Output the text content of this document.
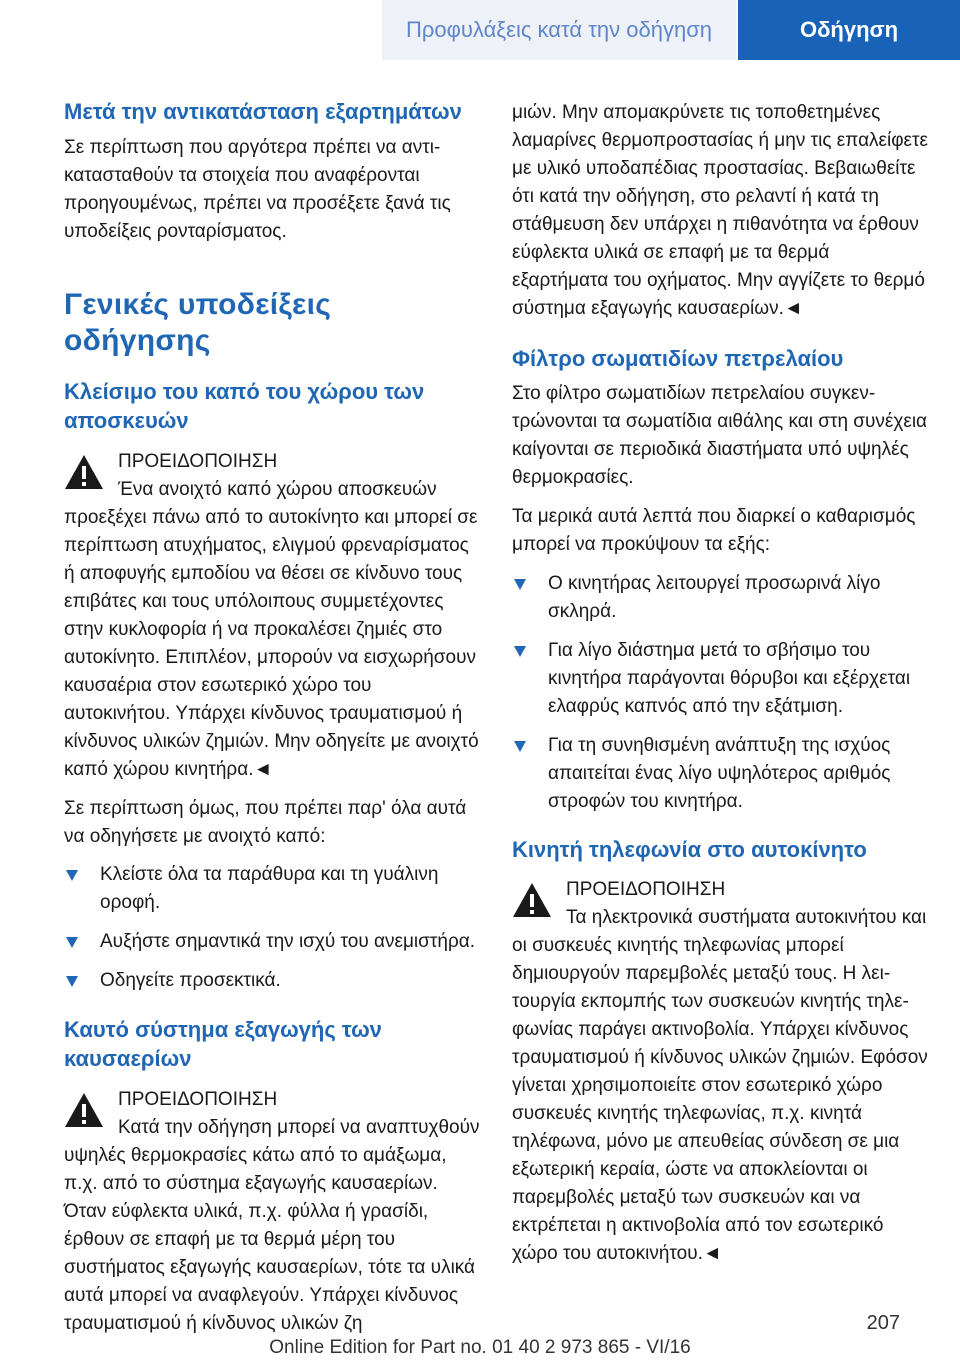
Προφυλάξεις κατά την οδήγηση	Οδήγηση
Μετά την αντικατάσταση εξαρτημάτων

Σε περίπτωση που αργότερα πρέπει να αντικατασταθούν τα στοιχεία που αναφέρονται προηγουμένως, πρέπει να προσέξετε ξανά τις υποδείξεις ρονταρίσματος.

Γενικές υποδείξεις οδήγησης
Κλείσιμο του καπό του χώρου των αποσκευών

ΠΡΟΕΙΔΟΠΟΙΗΣΗ

Ένα ανοιχτό καπό χώρου αποσκευών προεξέχει πάνω από το αυτοκίνητο και μπορεί σε περίπτωση ατυχήματος, ελιγμού φρεναρίσματος ή αποφυγής εμποδίου να θέσει σε κίνδυνο τους επιβάτες και τους υπόλοιπους συμμετέχοντες στην κυκλοφορία ή να προκαλέσει ζημιές στο αυτοκίνητο. Επιπλέον, μπορούν να εισχωρήσουν καυσαέρια στον εσωτερικό χώρο του αυτοκινήτου. Υπάρχει κίνδυνος τραυματισμού ή κίνδυνος υλικών ζημιών. Μην οδηγείτε με ανοιχτό καπό χώρου κινητήρα.◄

Σε περίπτωση όμως, που πρέπει παρ' όλα αυτά να οδηγήσετε με ανοιχτό καπό:

Κλείστε όλα τα παράθυρα και τη γυάλινη οροφή.
Αυξήστε σημαντικά την ισχύ του ανεμιστήρα.
Οδηγείτε προσεκτικά.
Καυτό σύστημα εξαγωγής των καυσαερίων

ΠΡΟΕΙΔΟΠΟΙΗΣΗ

Κατά την οδήγηση μπορεί να αναπτυχθούν υψηλές θερμοκρασίες κάτω από το αμάξωμα, π.χ. από το σύστημα εξαγωγής καυσαερίων. Όταν εύφλεκτα υλικά, π.χ. φύλλα ή γρασίδι, έρθουν σε επαφή με τα θερμά μέρη του συστήματος εξαγωγής καυσαερίων, τότε τα υλικά αυτά μπορεί να αναφλεγούν. Υπάρχει κίνδυνος τραυματισμού ή κίνδυνος υλικών ζη

μιών. Μην απομακρύνετε τις τοποθετημένες λαμαρίνες θερμοπροστασίας ή μην τις επαλείφετε με υλικό υποδαπέδιας προστασίας. Βεβαιωθείτε ότι κατά την οδήγηση, στο ρελαντί ή κατά τη στάθμευση δεν υπάρχει η πιθανότητα να έρθουν εύφλεκτα υλικά σε επαφή με τα θερμά εξαρτήματα του οχήματος. Μην αγγίζετε το θερμό σύστημα εξαγωγής καυσαερίων.◄

Φίλτρο σωματιδίων πετρελαίου

Στο φίλτρο σωματιδίων πετρελαίου συγκεντρώνονται τα σωματίδια αιθάλης και στη συνέχεια καίγονται σε περιοδικά διαστήματα υπό υψηλές θερμοκρασίες.

Τα μερικά αυτά λεπτά που διαρκεί ο καθαρισμός μπορεί να προκύψουν τα εξής:

Ο κινητήρας λειτουργεί προσωρινά λίγο σκληρά.
Για λίγο διάστημα μετά το σβήσιμο του κινητήρα παράγονται θόρυβοι και εξέρχεται ελαφρύς καπνός από την εξάτμιση.
Για τη συνηθισμένη ανάπτυξη της ισχύος απαιτείται ένας λίγο υψηλότερος αριθμός στροφών του κινητήρα.
Κινητή τηλεφωνία στο αυτοκίνητο

ΠΡΟΕΙΔΟΠΟΙΗΣΗ

Τα ηλεκτρονικά συστήματα αυτοκινήτου και οι συσκευές κινητής τηλεφωνίας μπορεί δημιουργούν παρεμβολές μεταξύ τους. Η λειτουργία εκπομπής των συσκευών κινητής τηλεφωνίας παράγει ακτινοβολία. Υπάρχει κίνδυνος τραυματισμού ή κίνδυνος υλικών ζημιών. Εφόσον γίνεται χρησιμοποιείτε στον εσωτερικό χώρο συσκευές κινητής τηλεφωνίας, π.χ. κινητά τηλέφωνα, μόνο με απευθείας σύνδεση σε μια εξωτερική κεραία, ώστε να αποκλείονται οι παρεμβολές μεταξύ των συσκευών και να εκτρέπεται η ακτινοβολία από τον εσωτερικό χώρο του αυτοκινήτου.◄

207
Online Edition for Part no. 01 40 2 973 865 - VI/16
